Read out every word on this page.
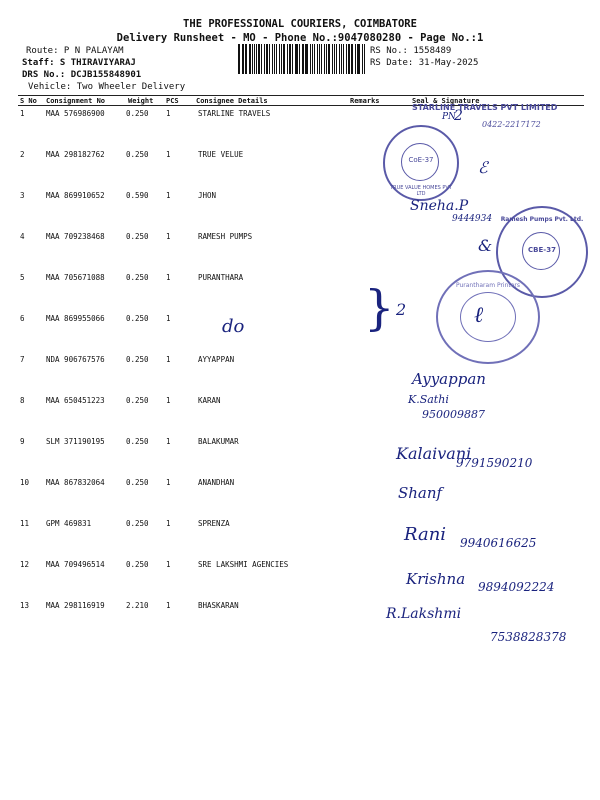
THE PROFESSIONAL COURIERS, COIMBATORE
Delivery Runsheet - MO - Phone No.:9047080280 - Page No.:1
Route: P N PALAYAM
Staff: S THIRAVIYARAJ
DRS No.: DCJB155848901
Vehicle: Two Wheeler Delivery
RS No.: 1558489
RS Date: 31-May-2025
S No Consignment No	Weight PCS Consignee Details	Remarks	Seal & Signature
1	MAA 576986900	0.250 1	STARLINE TRAVELS
2	MAA 298182762	0.250 1	TRUE VELUE
3	MAA 869910652	0.590 1	JHON
4	MAA 709238468	0.250 1	RAMESH PUMPS
5	MAA 705671088	0.250 1	PURANTHARA
6	MAA 869955066	0.250 1
7	NDA 906767576	0.250 1	AYYAPPAN
8	MAA 650451223	0.250 1	KARAN
9	SLM 371190195	0.250 1	BALAKUMAR
10 MAA 867832064	0.250 1	ANANDHAN
11 GPM 469831	0.250 1	SPRENZA
12 MAA 709496514	0.250 1	SRE LAKSHMI AGENCIES
13 MAA 298116919	2.210 1	BHASKARAN
STARLINE TRAVELS PVT LIMITED
PN
2
0422-2217172
CoE-37
TRUE VALUE HOMES PVT LTD
ℰ
Ramesh Pumps Pvt. Ltd.
CBE-37
Purantharam Printers
ℓ
do } 2
Sneha.P
9444934
&
Ayyappan
K.Sathi
950009887
Kalaivani
9791590210
Shanf
Rani 9940616625
Krishna 9894092224
R.Lakshmi
7538828378
